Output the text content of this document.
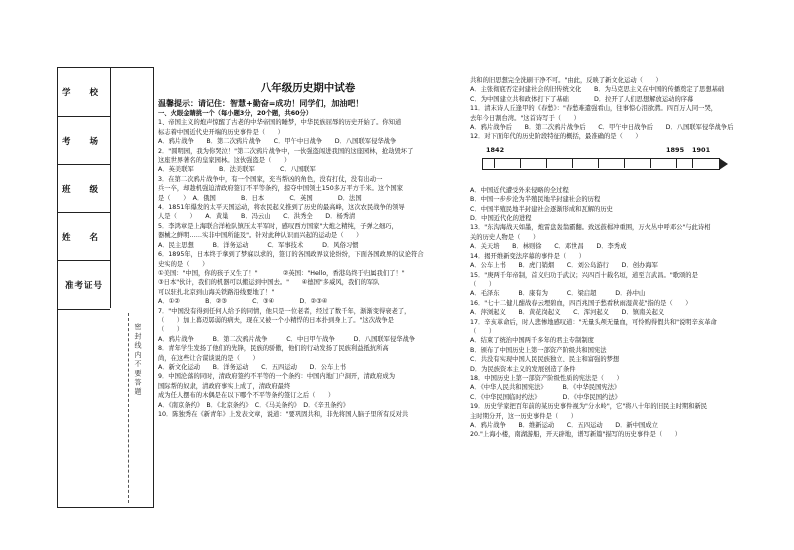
学 校
考 场
班 级
姓 名
准考证号
密 封 线 内 不 要 答 题

八年级历史期中试卷

温馨提示：请记住：智慧+勤奋=成功！同学们，加油吧！

一、火眼金睛挑一个（每小题3分，20个题，共60分）

1、帝国主义的炮声惊醒了古老的中华帝国的睡梦，中华民族屈辱的历史开始了。你知道

标志着中国近代史开端的历史事件是（　　）

A．鸦片战争　　B．第二次鸦片战争　　C．甲午中日战争　　D．八国联军侵华战争

2．"圆明园，我为你哭泣！"第二次鸦片战争中，一伙强盗闯进我国的这座园林，抢劫毁坏了

这座世界著名的皇家园林。这伙强盗是（　　）

A．英美联军　　　　B．法美联军　　　　C．八国联军

3．在第二次鸦片战争中，有一个国家，充当帮凶的角色，没有打仗，没有出动一

兵一卒，却趁机强迫清政府签订不平等条约，掠夺中国领土150多万平方千米。这个国家

是（　　）　A．俄国　　　　B．日本　　　　C．英国　　　　D．法国

4．1851年爆发的太平天国运动，将农民起义推到了历史的最高峰，这次农民战争的领导

人是（　　）　　A．黄巢　　B．冯云山　　C．洪秀全　　D．杨秀清

5．李鸿章是上海联合洋枪队镇压太平军时，感叹西方国家"大炮之精纯，子弹之细巧，

器械之鲜明……实非中国所能及"。针对此种认识而兴起的运动是（　　）

A．民主思想　　　B．洋务运动　　　C．军事技术　　　D．风俗习惯

6．1895年，日本终于拿到了梦寐以求的，签订的各国政界议论纷纷，下面各国政界的议论符合

史实的是（　　）

①美国："中国，你的孩子又生了！"　　　　②英国："Hello，香港岛终于归属我们了！"

③日本"伙计，我们的机器可以搬运到中国去。"　　④德国"多威风，我们的军队

可以驻扎北京到山海关铁路沿线要地了！"

A．①②　　　　B．②③　　　　C．③④　　　　D．②③④

7．"中国没有得到任何人给予的同情，他只是一位老者，经过了数千年，渐渐变得衰老了，

（　　）加上暮迈孱弱的病夫，现在又被一个小精悍的日本扑到身上了。"这次战争是

（　　）

A．鸦片战争　　　B．第二次鸦片战争　　　C．中日甲午战争　　　D．八国联军侵华战争

8．青年学生发扬了他们的先锋，民族的骄傲，他们的行动发扬了民族利益抵抗所高

尚，在这些让合谋谈说的是（　　）

A．新文化运动　　B．洋务运动　　C．五四运动　　D．公车上书

9．中国沦落的同时，清政府签约不平等的一个条约：中国内地门户洞开，清政府成为

国际帮的奴隶，清政府事实上成了，清政府最终

成为任人摆布的木偶是在以下哪个不平等条约签订之后（　　）

A．《南京条约》　B．《北京条约》　C．《马关条约》　D．《辛丑条约》

10．陈独秀在《新青年》上发表文章，说道："要巩固共和，非先将国人脑子里所有反对共

共和的旧思想完全洗刷干净不可。"由此，反映了新文化运动（　　）

A．主张彻底否定封建社会的旧传统文化　　B．为马克思主义在中国的传播奠定了思想基础

C．为中国建立共和政体打下了基础　　　　D．拉开了人们思想解放运动的序幕

11．清末诗人丘逢甲的《春愁》："春愁难遣强看山，往事惊心泪欲潸。四百万人同一哭，

去年今日割台湾。"这首诗写于（　　）

A．鸦片战争后　　B．第二次鸦片战争后　　C．甲午中日战争后　　D．八国联军侵华战争后

12．对下面年代的历史阶段特征的概括，最准确的是（　　）

1842	1895 1901

A．中国近代遭受外来侵略的全过程

B．中国一步步沦为半殖民地半封建社会的历程

C．中国半殖民地半封建社会逐渐形成和瓦解的历史

D．中国近代化的进程

13．"东沟海战天如墨，炮雷盘轰翁霸翻。致远鼓楫冲重围，万火丛中呼邓公"与此诗相

关的历史人物是（　　）

A．关天培　　B．林则徐　　C．邓世昌　　D．李秀成

14．揭开维新变法序幕的事件是（　　）

A．公车上书　　B．虎门销烟　　C．刘公岛游行　　D．创办海军

15．"庚两千年帝制，首义归功于武汉；兴四百十载名垣，道至言武昌。"歌颂的是

（　　）

A．毛泽东　　　B．康有为　　　C．梁启超　　　D．孙中山

16．"七十二健儿酣战春云埋碧血，四百兆国子愁看秋雨湿黄花"指的是（　　）

A．萍浏起义　　B．黄花岗起义　　C．浑河起义　　D．镇南关起义

17．辛亥革命后，时人悲惨地感叹道："无量头颅无量血，可怜购得假共和"说明辛亥革命

（　　）

A．结束了统治中国两千多年的君主专制制度

B．颁布了中国历史上第一部资产阶级共和国宪法

C．共没有实现中国人民民族独立、民主和富强的梦想

D．为民族资本主义的发展创造了条件

18．中国历史上第一部资产阶级性质的宪法是（　　）

A．《中华人民共和国宪法》　　　B．《中华民国宪法》

C．《中华民国临时约法》　　　　D．《中华民国约法》

19．历史学家把百年前的某历史事件视为"分水岭"，它"将八十年的旧民主时期和新民

主时期分开，这一历史事件是（　　）

A．鸦片战争　　B．维新运动　　C．五四运动　　D．新中国成立

20."上海小楼，南湖游船，开天辟地，谱写新篇"描写的历史事件是（　　）
